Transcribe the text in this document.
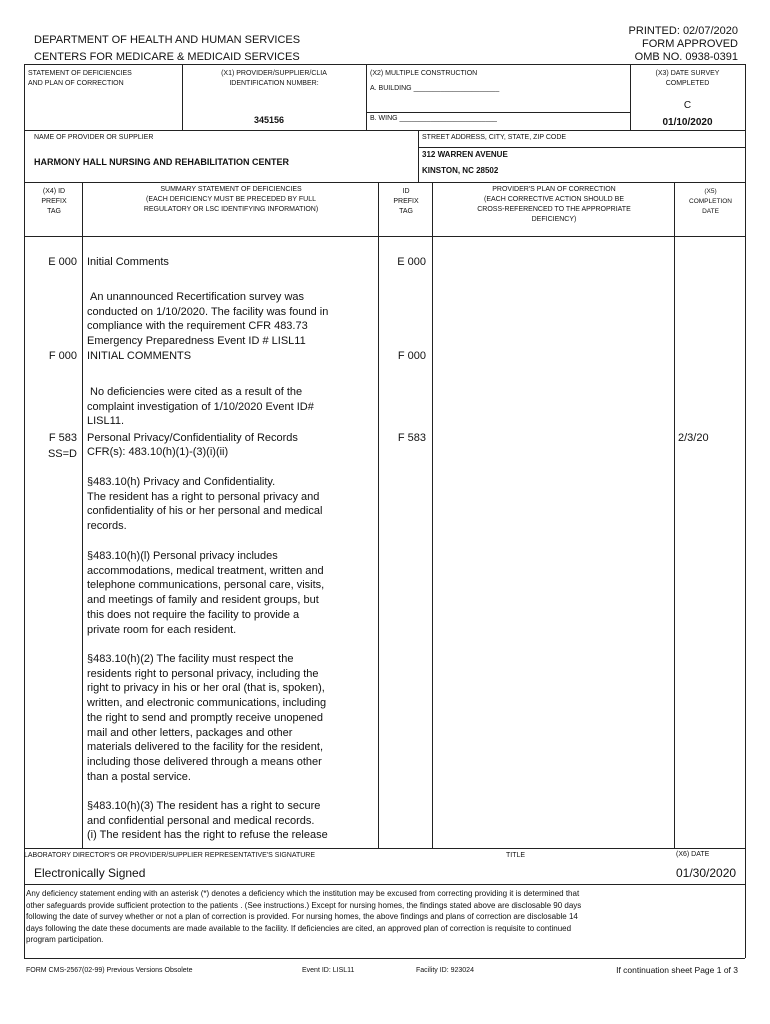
DEPARTMENT OF HEALTH AND HUMAN SERVICES
CENTERS FOR MEDICARE & MEDICAID SERVICES
PRINTED: 02/07/2020
FORM APPROVED
OMB NO. 0938-0391
STATEMENT OF DEFICIENCIES
AND PLAN OF CORRECTION
(X1) PROVIDER/SUPPLIER/CLIA
IDENTIFICATION NUMBER:
345156
(X2) MULTIPLE CONSTRUCTION
A. BUILDING ______________________
B. WING _________________________
(X3) DATE SURVEY
COMPLETED
C
01/10/2020
NAME OF PROVIDER OR SUPPLIER
HARMONY HALL NURSING AND REHABILITATION CENTER
STREET ADDRESS, CITY, STATE, ZIP CODE
312 WARREN AVENUE
KINSTON, NC 28502
(X4) ID
PREFIX
TAG
SUMMARY STATEMENT OF DEFICIENCIES
(EACH DEFICIENCY MUST BE PRECEDED BY FULL
REGULATORY OR LSC IDENTIFYING INFORMATION)
ID
PREFIX
TAG
PROVIDER'S PLAN OF CORRECTION
(EACH CORRECTIVE ACTION SHOULD BE
CROSS-REFERENCED TO THE APPROPRIATE
DEFICIENCY)
(X5)
COMPLETION
DATE
E 000 Initial Comments	E 000
An unannounced Recertification survey was
conducted on 1/10/2020. The facility was found in
compliance with the requirement CFR 483.73
Emergency Preparedness Event ID # LISL11
F 000 INITIAL COMMENTS	F 000
No deficiencies were cited as a result of the
complaint investigation of 1/10/2020 Event ID#
LISL11.
F 583
SS=D
Personal Privacy/Confidentiality of Records
CFR(s): 483.10(h)(1)-(3)(i)(ii)
F 583	2/3/20
§483.10(h) Privacy and Confidentiality.
The resident has a right to personal privacy and
confidentiality of his or her personal and medical
records.
§483.10(h)(l) Personal privacy includes
accommodations, medical treatment, written and
telephone communications, personal care, visits,
and meetings of family and resident groups, but
this does not require the facility to provide a
private room for each resident.
§483.10(h)(2) The facility must respect the
residents right to personal privacy, including the
right to privacy in his or her oral (that is, spoken),
written, and electronic communications, including
the right to send and promptly receive unopened
mail and other letters, packages and other
materials delivered to the facility for the resident,
including those delivered through a means other
than a postal service.
§483.10(h)(3) The resident has a right to secure
and confidential personal and medical records.
(i) The resident has the right to refuse the release
LABORATORY DIRECTOR'S OR PROVIDER/SUPPLIER REPRESENTATIVE'S SIGNATURE	TITLE	(X6) DATE
Electronically Signed	01/30/2020
Any deficiency statement ending with an asterisk (*) denotes a deficiency which the institution may be excused from correcting providing it is determined that
other safeguards provide sufficient protection to the patients . (See instructions.) Except for nursing homes, the findings stated above are disclosable 90 days
following the date of survey whether or not a plan of correction is provided. For nursing homes, the above findings and plans of correction are disclosable 14
days following the date these documents are made available to the facility. If deficiencies are cited, an approved plan of correction is requisite to continued
program participation.
FORM CMS-2567(02-99) Previous Versions Obsolete	Event ID: LISL11	Facility ID: 923024	If continuation sheet Page 1 of 3
